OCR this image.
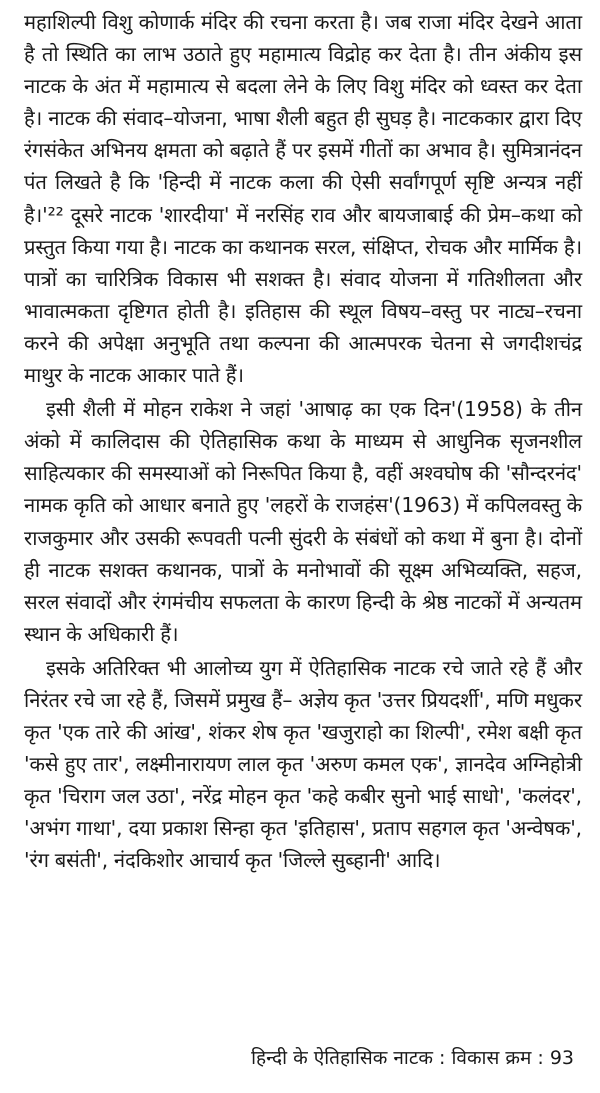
महाशिल्पी विशु कोणार्क मंदिर की रचना करता है। जब राजा मंदिर देखने आता है तो स्थिति का लाभ उठाते हुए महामात्य विद्रोह कर देता है। तीन अंकीय इस नाटक के अंत में महामात्य से बदला लेने के लिए विशु मंदिर को ध्वस्त कर देता है। नाटक की संवाद–योजना, भाषा शैली बहुत ही सुघड़ है। नाटककार द्वारा दिए रंगसंकेत अभिनय क्षमता को बढ़ाते हैं पर इसमें गीतों का अभाव है। सुमित्रानंदन पंत लिखते है कि 'हिन्दी में नाटक कला की ऐसी सर्वांगपूर्ण सृष्टि अन्यत्र नहीं है।'²² दूसरे नाटक 'शारदीया' में नरसिंह राव और बायजाबाई की प्रेम–कथा को प्रस्तुत किया गया है। नाटक का कथानक सरल, संक्षिप्त, रोचक और मार्मिक है। पात्रों का चारित्रिक विकास भी सशक्त है। संवाद योजना में गतिशीलता और भावात्मकता दृष्टिगत होती है। इतिहास की स्थूल विषय–वस्तु पर नाट्य–रचना करने की अपेक्षा अनुभूति तथा कल्पना की आत्मपरक चेतना से जगदीशचंद्र माथुर के नाटक आकार पाते हैं।

इसी शैली में मोहन राकेश ने जहां 'आषाढ़ का एक दिन'(1958) के तीन अंको में कालिदास की ऐतिहासिक कथा के माध्यम से आधुनिक सृजनशील साहित्यकार की समस्याओं को निरूपित किया है, वहीं अश्वघोष की 'सौन्दरनंद' नामक कृति को आधार बनाते हुए 'लहरों के राजहंस'(1963) में कपिलवस्तु के राजकुमार और उसकी रूपवती पत्नी सुंदरी के संबंधों को कथा में बुना है। दोनों ही नाटक सशक्त कथानक, पात्रों के मनोभावों की सूक्ष्म अभिव्यक्ति, सहज, सरल संवादों और रंगमंचीय सफलता के कारण हिन्दी के श्रेष्ठ नाटकों में अन्यतम स्थान के अधिकारी हैं।

इसके अतिरिक्त भी आलोच्य युग में ऐतिहासिक नाटक रचे जाते रहे हैं और निरंतर रचे जा रहे हैं, जिसमें प्रमुख हैं– अज्ञेय कृत 'उत्तर प्रियदर्शी', मणि मधुकर कृत 'एक तारे की आंख', शंकर शेष कृत 'खजुराहो का शिल्पी', रमेश बक्षी कृत 'कसे हुए तार', लक्ष्मीनारायण लाल कृत 'अरुण कमल एक', ज्ञानदेव अग्निहोत्री कृत 'चिराग जल उठा', नरेंद्र मोहन कृत 'कहे कबीर सुनो भाई साधो', 'कलंदर', 'अभंग गाथा', दया प्रकाश सिन्हा कृत 'इतिहास', प्रताप सहगल कृत 'अन्वेषक', 'रंग बसंती', नंदकिशोर आचार्य कृत 'जिल्ले सुब्हानी' आदि।

हिन्दी के ऐतिहासिक नाटक : विकास क्रम : 93
